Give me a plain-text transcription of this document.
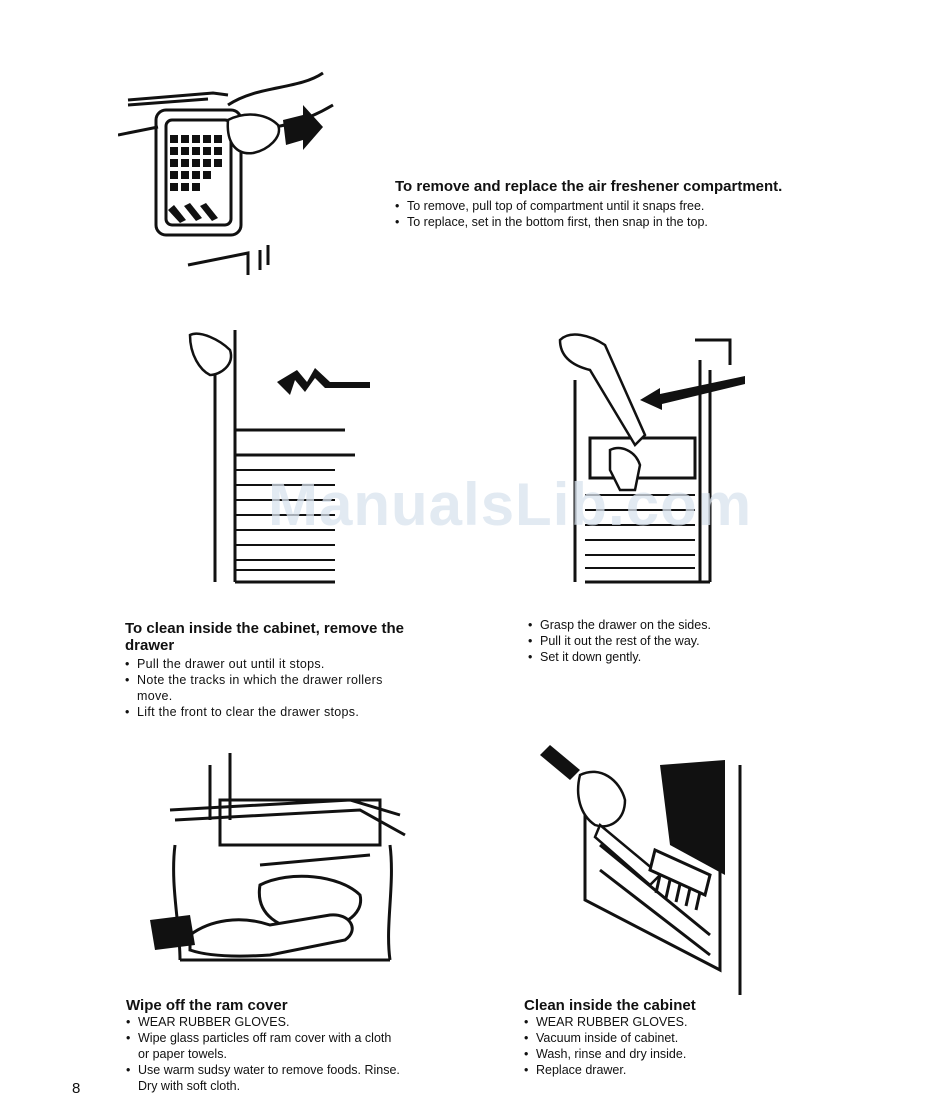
To remove and replace the air freshener compartment.

• To remove, pull top of compartment until it snaps free.
• To replace, set in the bottom first, then snap in the top.

To clean inside the cabinet, remove the

drawer

• Pull the drawer out until it stops.
• Note the tracks in which the drawer rollers
move.
• Lift the front to clear the drawer stops.
• Grasp the drawer on the sides.
• Pull it out the rest of the way.
• Set it down gently.

Wipe off the ram cover

• WEAR RUBBER GLOVES.
• Wipe glass particles off ram cover with a cloth
or paper towels.
• Use warm sudsy water to remove foods. Rinse.
Dry with soft cloth.

Clean inside the cabinet

• WEAR RUBBER GLOVES.
• Vacuum inside of cabinet.
• Wash, rinse and dry inside.
• Replace drawer.
ManualsLib.com
8
